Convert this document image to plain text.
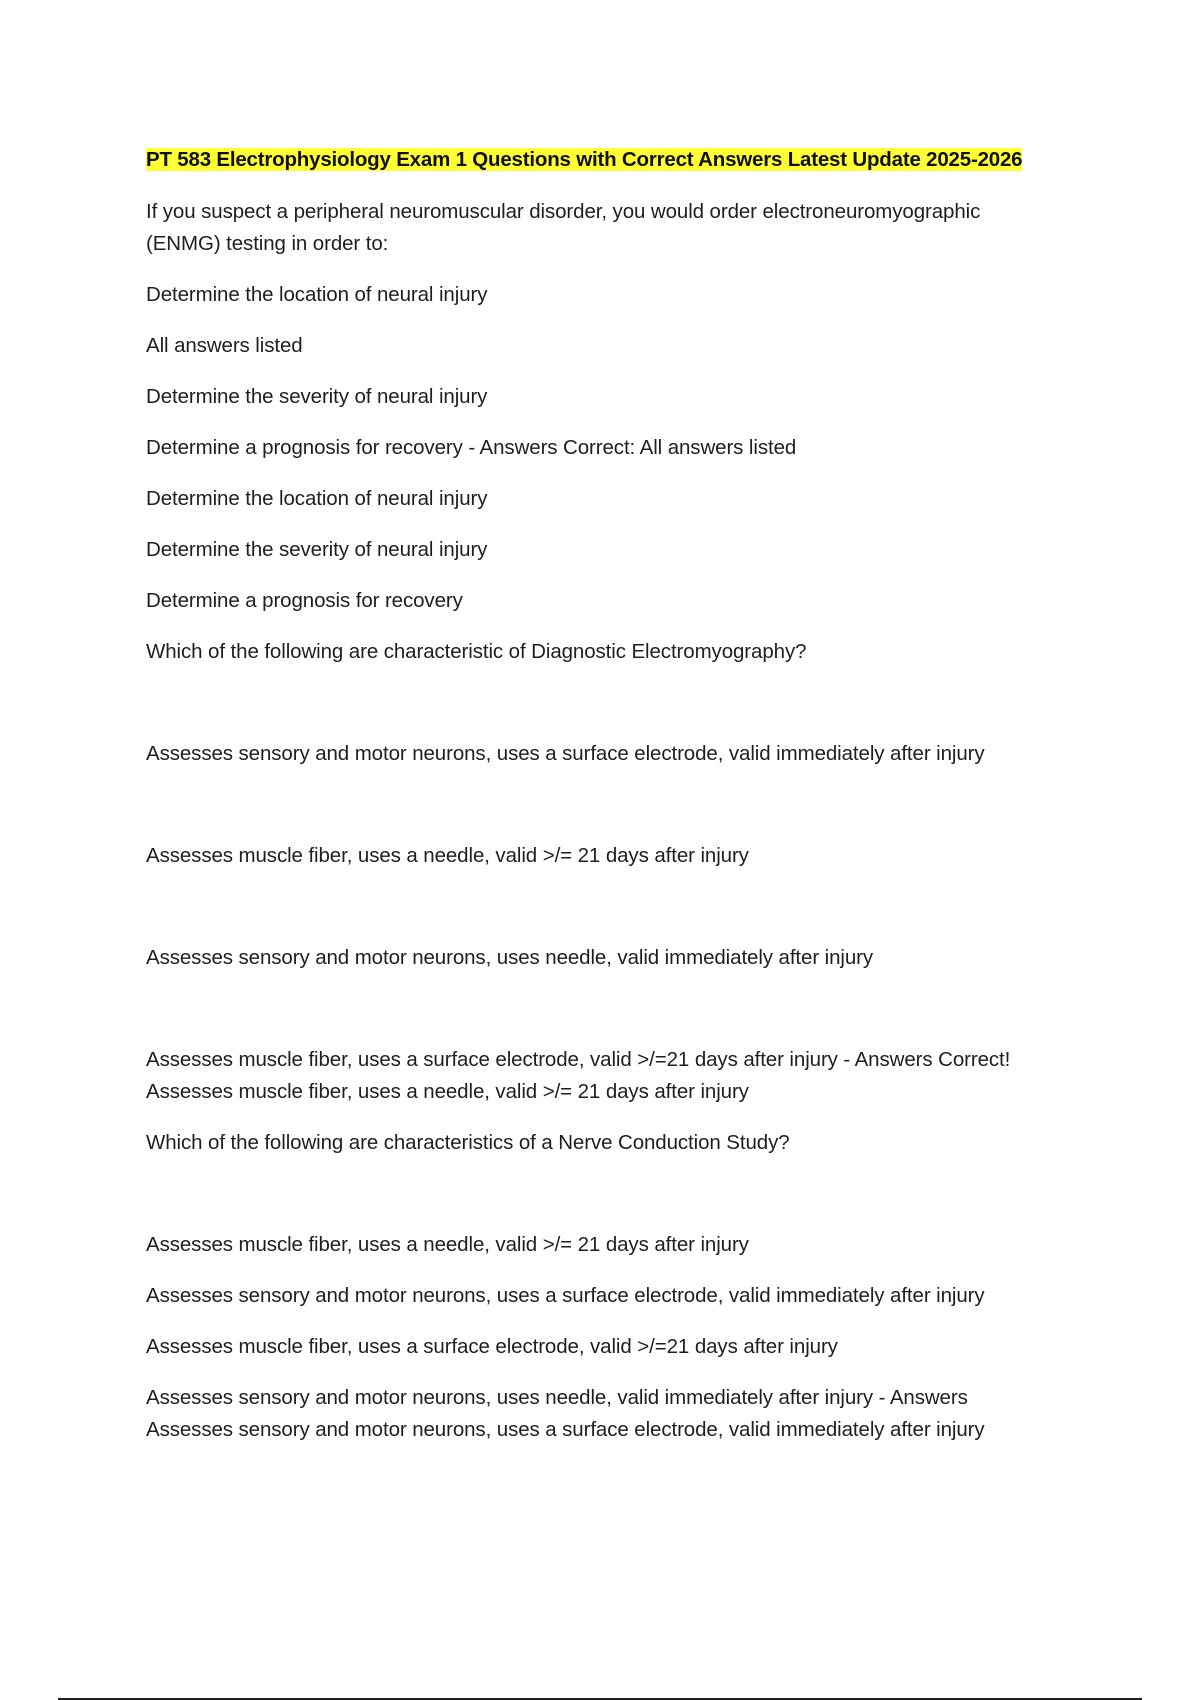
PT 583 Electrophysiology Exam 1 Questions with Correct Answers Latest Update 2025-2026
If you suspect a peripheral neuromuscular disorder, you would order electroneuromyographic
(ENMG) testing in order to:
Determine the location of neural injury
All answers listed
Determine the severity of neural injury
Determine a prognosis for recovery - Answers Correct: All answers listed
Determine the location of neural injury
Determine the severity of neural injury
Determine a prognosis for recovery
Which of the following are characteristic of Diagnostic Electromyography?
Assesses sensory and motor neurons, uses a surface electrode, valid immediately after injury
Assesses muscle fiber, uses a needle, valid >/= 21 days after injury
Assesses sensory and motor neurons, uses needle, valid immediately after injury
Assesses muscle fiber, uses a surface electrode, valid >/=21 days after injury - Answers Correct!
Assesses muscle fiber, uses a needle, valid >/= 21 days after injury
Which of the following are characteristics of a Nerve Conduction Study?
Assesses muscle fiber, uses a needle, valid >/= 21 days after injury
Assesses sensory and motor neurons, uses a surface electrode, valid immediately after injury
Assesses muscle fiber, uses a surface electrode, valid >/=21 days after injury
Assesses sensory and motor neurons, uses needle, valid immediately after injury - Answers
Assesses sensory and motor neurons, uses a surface electrode, valid immediately after injury
